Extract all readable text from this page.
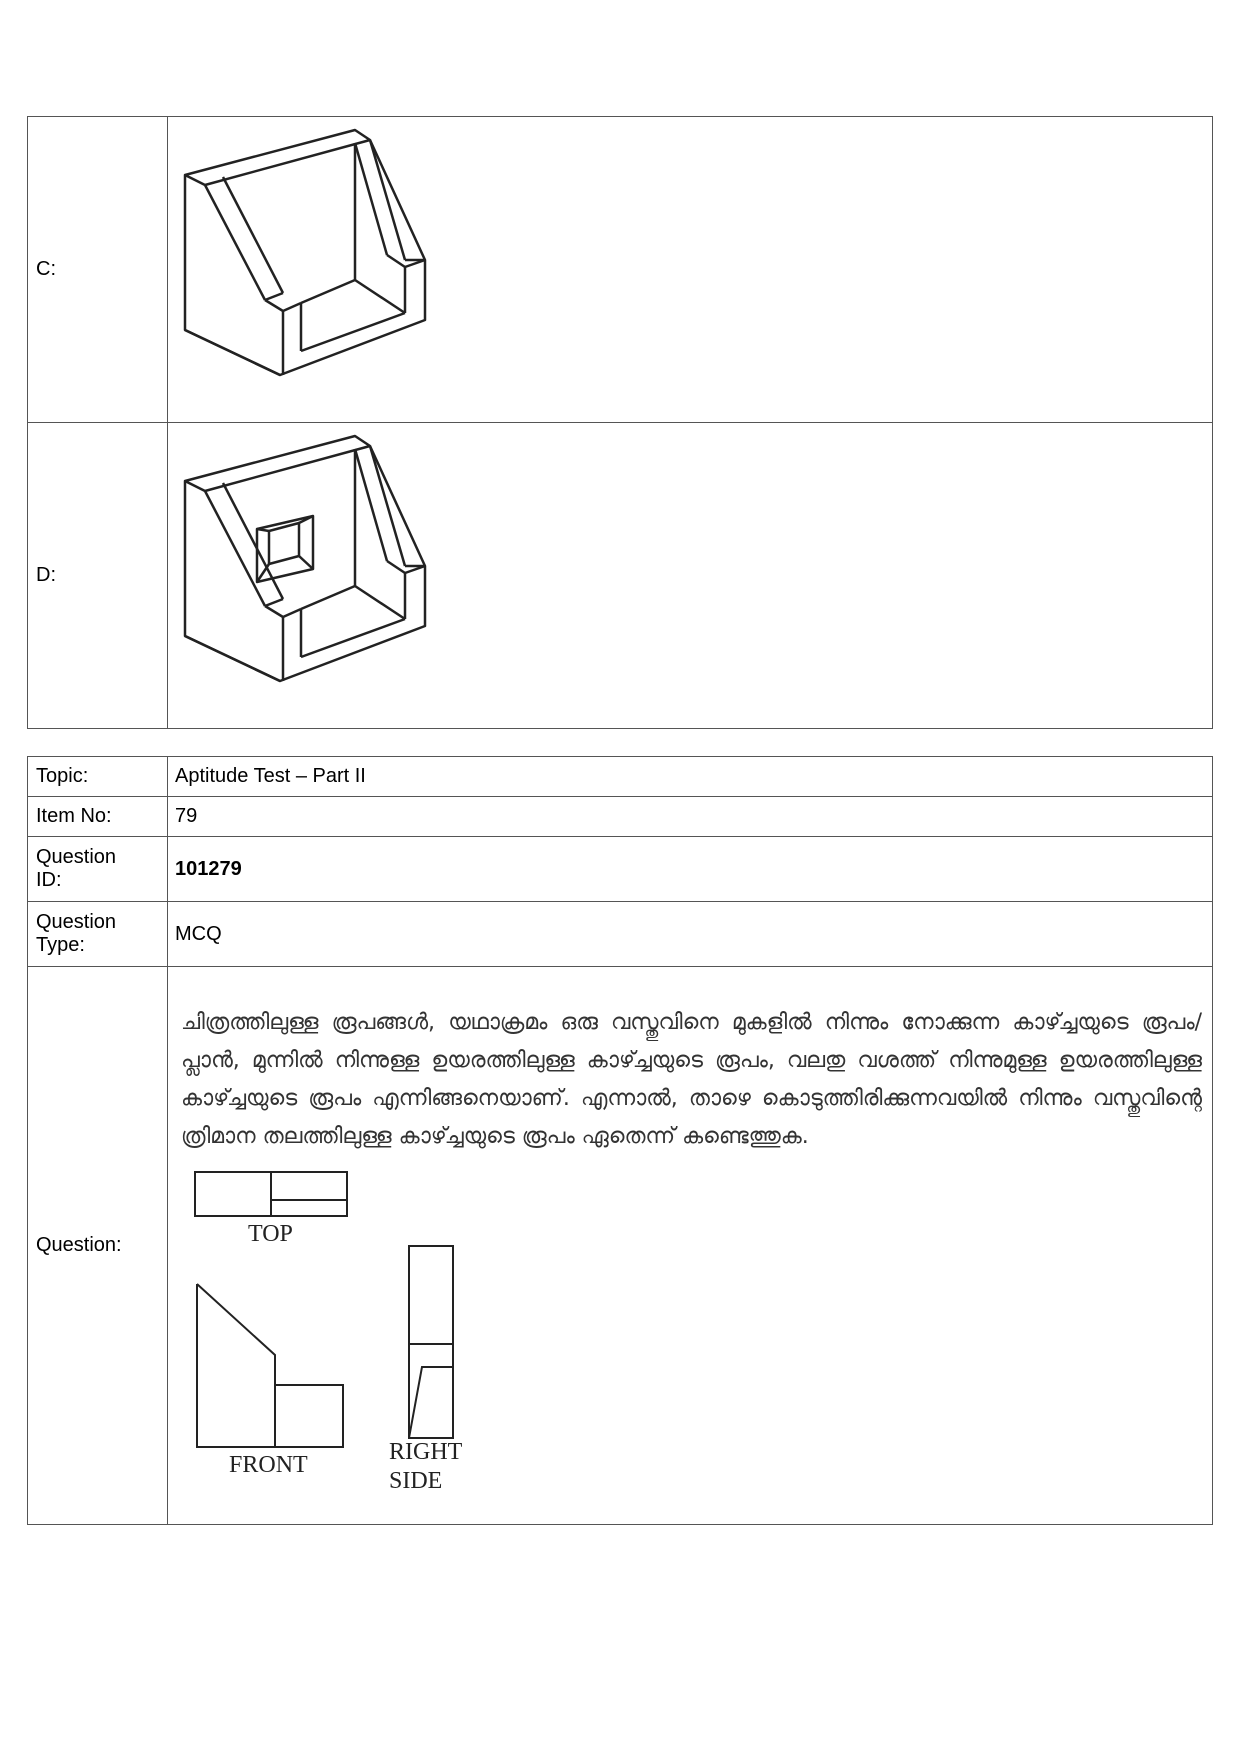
C:	

D:	
Topic:	Aptitude Test – Part II
Item No:	79

Question
ID:	101279

Question
Type:	MCQ
Question:	ചിത്രത്തിലുള്ള രൂപങ്ങൾ, യഥാക്രമം ഒരു വസ്തുവിനെ മുകളിൽ നിന്നും നോക്കുന്ന കാഴ്ച്ചയുടെ രൂപം/പ്ലാൻ, മുന്നിൽ നിന്നുള്ള ഉയരത്തിലുള്ള കാഴ്ച്ചയുടെ രൂപം, വലതു വശത്ത് നിന്നുമുള്ള ഉയരത്തിലുള്ള കാഴ്ച്ചയുടെ രൂപം എന്നിങ്ങനെയാണ്. എന്നാൽ, താഴെ കൊടുത്തിരിക്കുന്നവയിൽ നിന്നും വസ്തുവിന്റെ ത്രിമാന തലത്തിലുള്ള കാഴ്ച്ചയുടെ രൂപം ഏതെന്ന് കണ്ടെത്തുക.
TOP
FRONT RIGHT
SIDE
